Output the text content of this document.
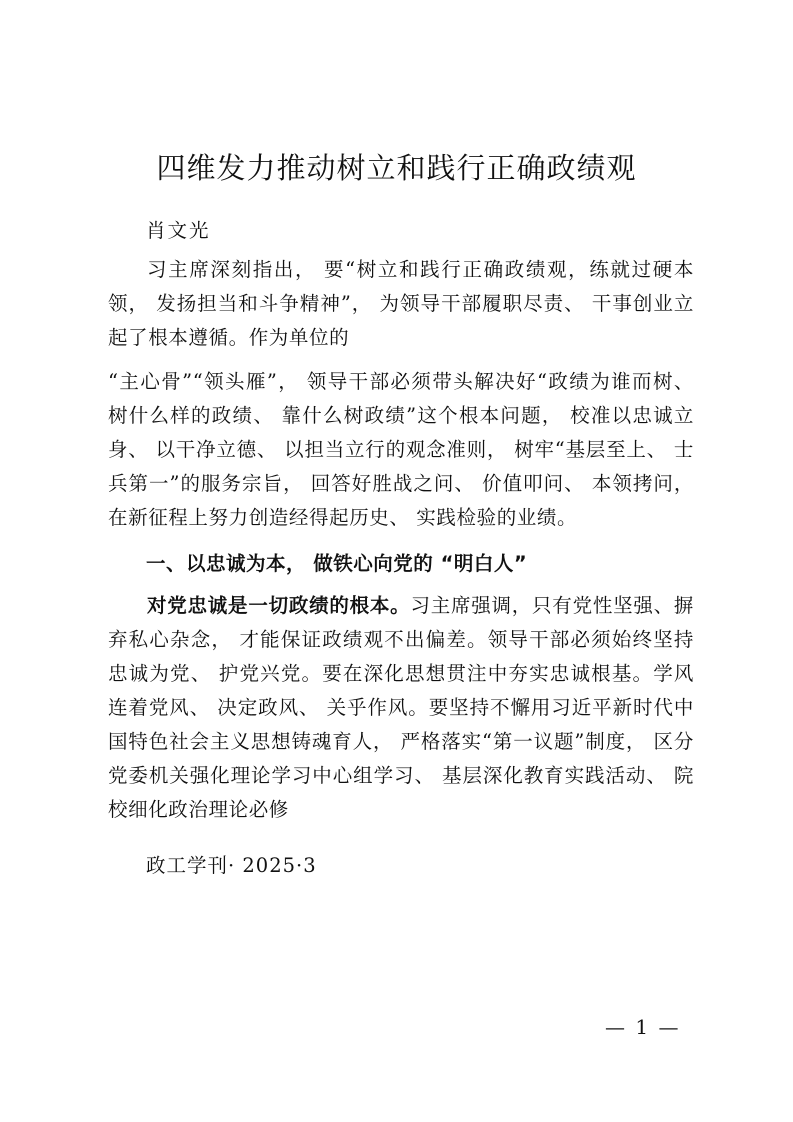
四维发力推动树立和践行正确政绩观
肖文光
习主席深刻指出， 要“树立和践行正确政绩观，练就过硬本领， 发扬担当和斗争精神”， 为领导干部履职尽责、 干事创业立起了根本遵循。作为单位的
“主心骨”“领头雁”， 领导干部必须带头解决好“政绩为谁而树、 树什么样的政绩、 靠什么树政绩”这个根本问题， 校准以忠诚立身、 以干净立德、 以担当立行的观念准则， 树牢“基层至上、 士兵第一”的服务宗旨， 回答好胜战之问、 价值叩问、 本领拷问， 在新征程上努力创造经得起历史、 实践检验的业绩。
一、以忠诚为本， 做铁心向党的 “明白人”
对党忠诚是一切政绩的根本。习主席强调，只有党性坚强、摒弃私心杂念， 才能保证政绩观不出偏差。领导干部必须始终坚持忠诚为党、 护党兴党。要在深化思想贯注中夯实忠诚根基。学风连着党风、 决定政风、 关乎作风。要坚持不懈用习近平新时代中国特色社会主义思想铸魂育人， 严格落实“第一议题”制度， 区分党委机关强化理论学习中心组学习、 基层深化教育实践活动、 院校细化政治理论必修
政工学刊· 2025·3
— 1 —
